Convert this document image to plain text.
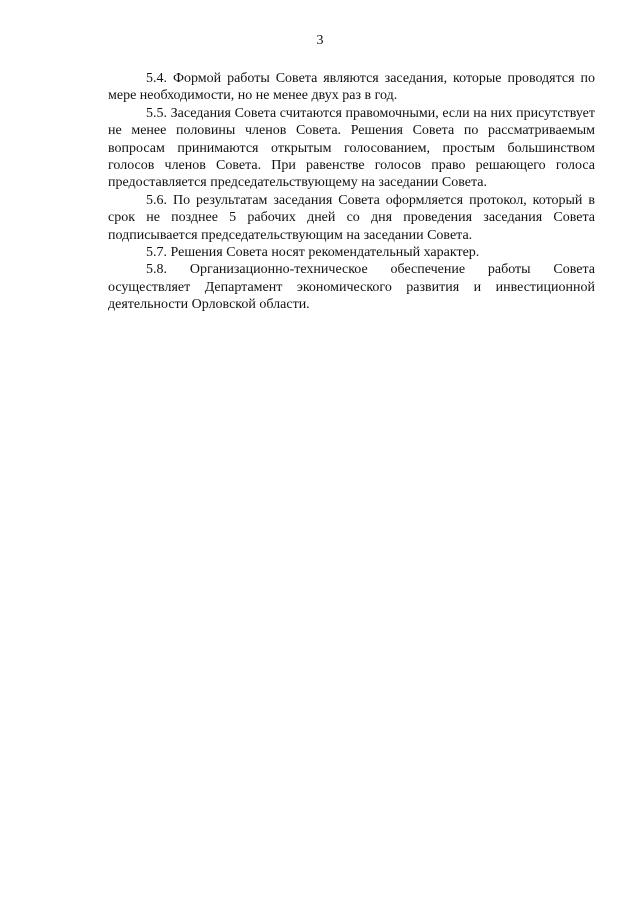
3

5.4. Формой работы Совета являются заседания, которые проводятся по мере необходимости, но не менее двух раз в год.

5.5. Заседания Совета считаются правомочными, если на них присутствует не менее половины членов Совета. Решения Совета по рассматриваемым вопросам принимаются открытым голосованием, простым большинством голосов членов Совета. При равенстве голосов право решающего голоса предоставляется председательствующему на заседании Совета.

5.6. По результатам заседания Совета оформляется протокол, который в срок не позднее 5 рабочих дней со дня проведения заседания Совета подписывается председательствующим на заседании Совета.

5.7. Решения Совета носят рекомендательный характер.

5.8. Организационно-техническое обеспечение работы Совета осуществляет Департамент экономического развития и инвестиционной деятельности Орловской области.
